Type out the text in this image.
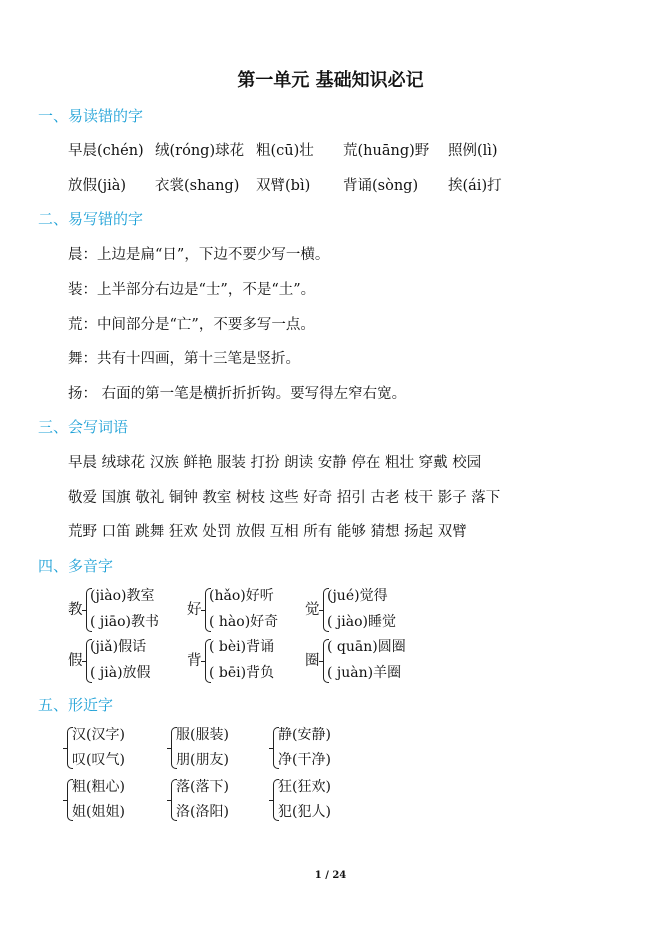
第一单元 基础知识必记
一、易读错的字
早晨(chén) 绒(róng)球花 粗(cū)壮 荒(huāng)野 照例(lì)
放假(jià) 衣裳(shang) 双臂(bì) 背诵(sòng) 挨(ái)打
二、易写错的字
晨：上边是扁“日”，下边不要少写一横。
装：上半部分右边是“士”，不是“土”。
荒：中间部分是“亡”，不要多写一点。
舞：共有十四画，第十三笔是竖折。
扬： 右面的第一笔是横折折折钩。要写得左窄右宽。
三、会写词语
早晨 绒球花 汉族 鲜艳 服装 打扮 朗读 安静 停在 粗壮 穿戴 校园
敬爱 国旗 敬礼 铜钟 教室 树枝 这些 好奇 招引 古老 枝干 影子 落下
荒野 口笛 跳舞 狂欢 处罚 放假 互相 所有 能够 猜想 扬起 双臂
四、多音字
教
(jiào)教室
( jiāo)教书
好
(hǎo)好听
( hào)好奇
觉
(jué)觉得
( jiào)睡觉
假
(jiǎ)假话
( jià)放假
背
( bèi)背诵
( bēi)背负
圈
( quān)圆圈
( juàn)羊圈
五、形近字
汉(汉字)
叹(叹气)
服(服装)
朋(朋友)
静(安静)
净(干净)
粗(粗心)
姐(姐姐)
落(落下)
洛(洛阳)
狂(狂欢)
犯(犯人)
1 / 24
